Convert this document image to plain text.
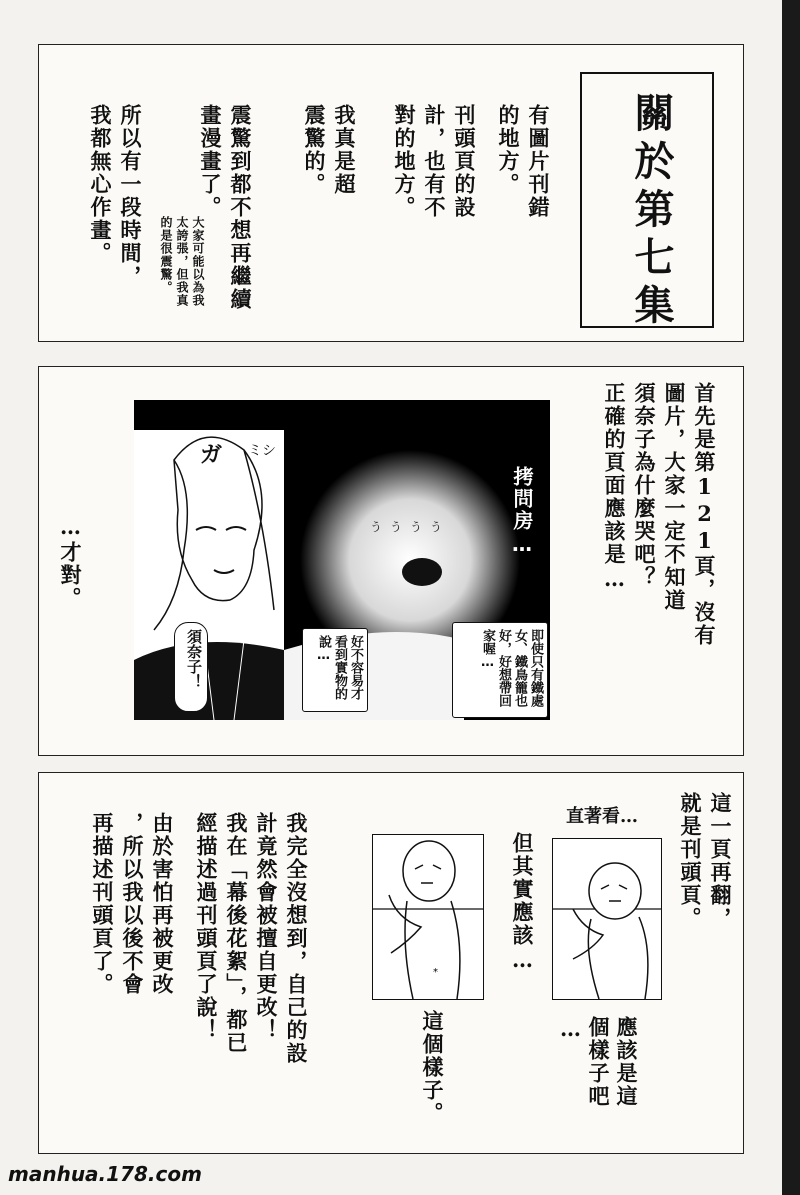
關於第七集
有圖片刊錯
的地方。
刊頭頁的設
計，也有不
對的地方。
我真是超
震驚的。
震驚到都不想再繼續
畫漫畫了。
大家可能以為我
太誇張，但我真
的是很震驚。
所以有一段時間，
我都無心作畫。
首先是第121頁，沒有
圖片，大家一定不知道
須奈子為什麼哭吧？
正確的頁面應該是…
…才對。
ガ ミシ
うううう	拷問房…
須奈子！	即使只有鐵處女、鐵鳥籠也好，好想帶回家喔…
好不容易才看到實物的說…
這一頁再翻，
就是刊頭頁。
直著看…
但其實應該…
應該是這
個樣子吧
…
*
這個樣子。
我完全沒想到，自己的設
計竟然會被擅自更改！
我在「幕後花絮」，都已
經描述過刊頭頁了說！
由於害怕再被更改
，所以我以後不會
再描述刊頭頁了。
manhua.178.com
